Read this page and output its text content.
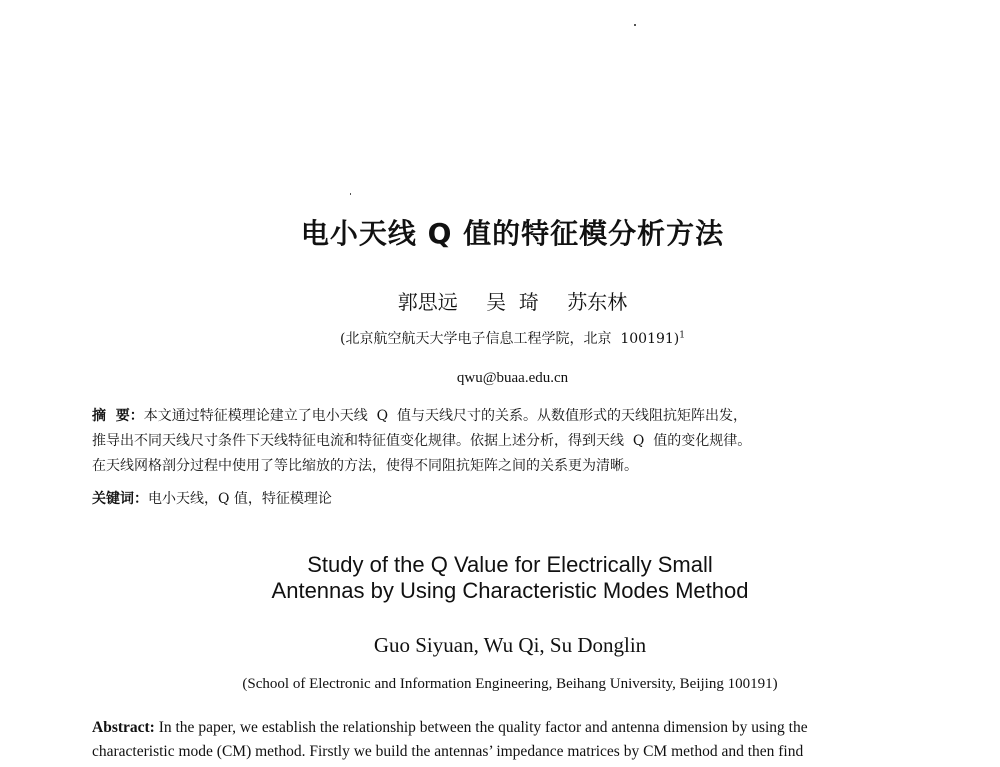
电小天线 Q 值的特征模分析方法
郭思远 吴  琦 苏东林
(北京航空航天大学电子信息工程学院，北京  100191)$^1$
qwu@buaa.edu.cn
摘  要：本文通过特征模理论建立了电小天线  Q  值与天线尺寸的关系。从数值形式的天线阻抗矩阵出发，
推导出不同天线尺寸条件下天线特征电流和特征值变化规律。依据上述分析，得到天线  Q  值的变化规律。
在天线网格剖分过程中使用了等比缩放的方法，使得不同阻抗矩阵之间的关系更为清晰。
关键词：电小天线，Q 值，特征模理论
Study of the Q Value for Electrically Small
Antennas by Using Characteristic Modes Method
Guo Siyuan, Wu Qi, Su Donglin
(School of Electronic and Information Engineering, Beihang University, Beijing 100191)
Abstract: In the paper, we establish the relationship between the quality factor and antenna dimension by using the
characteristic mode (CM) method. Firstly we build the antennas’ impedance matrices by CM method and then find
